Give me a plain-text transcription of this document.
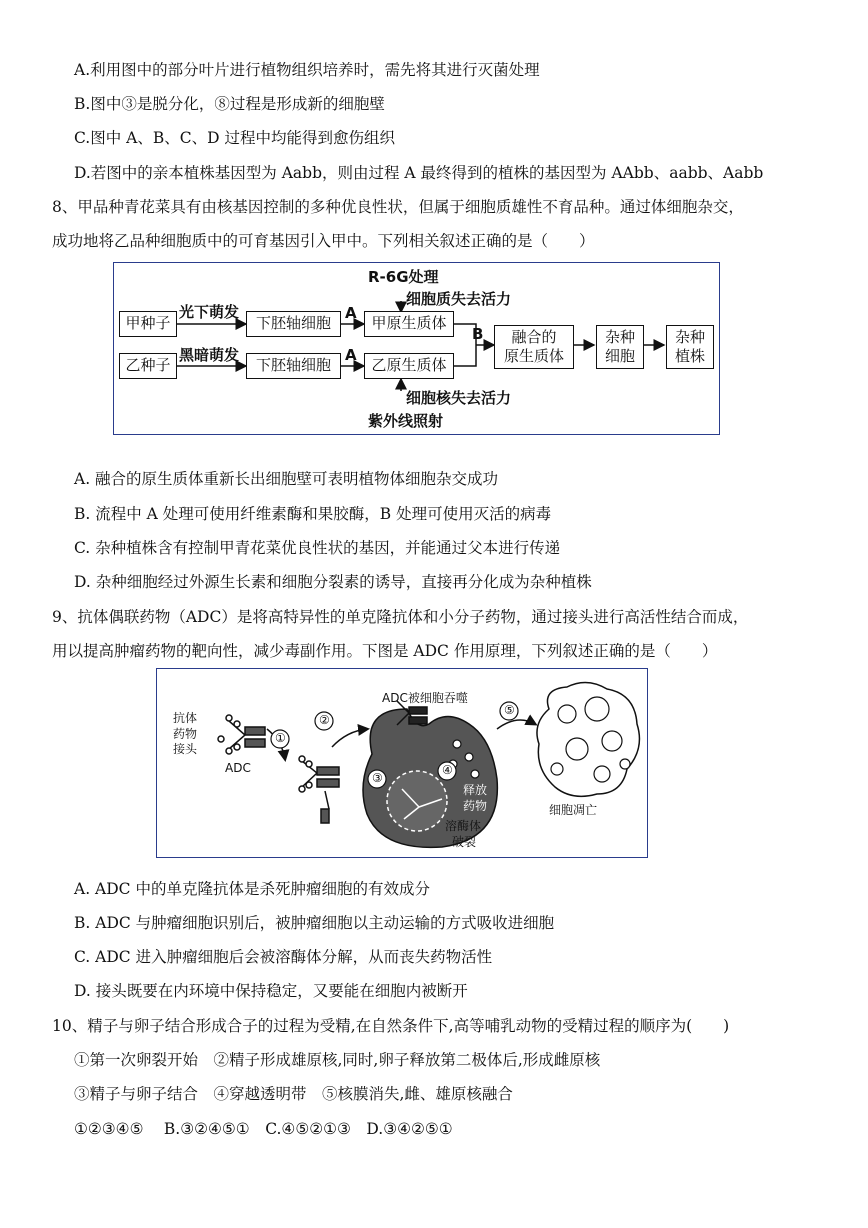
A.利用图中的部分叶片进行植物组织培养时，需先将其进行灭菌处理
B.图中③是脱分化，⑧过程是形成新的细胞壁
C.图中 A、B、C、D 过程中均能得到愈伤组织
D.若图中的亲本植株基因型为 Aabb，则由过程 A 最终得到的植株的基因型为 AAbb、aabb、Aabb
8、甲品种青花菜具有由核基因控制的多种优良性状，但属于细胞质雄性不育品种。通过体细胞杂交，
成功地将乙品种细胞质中的可育基因引入甲中。下列相关叙述正确的是（　　）
R-6G处理
细胞质失去活力
甲种子
乙种子
光下萌发
黑暗萌发
下胚轴细胞
下胚轴细胞
A
A
甲原生质体
乙原生质体
B	融合的
原生质体
杂种
细胞
杂种
植株
细胞核失去活力
紫外线照射
A. 融合的原生质体重新长出细胞壁可表明植物体细胞杂交成功
B. 流程中 A 处理可使用纤维素酶和果胶酶，B 处理可使用灭活的病毒
C. 杂种植株含有控制甲青花菜优良性状的基因，并能通过父本进行传递
D. 杂种细胞经过外源生长素和细胞分裂素的诱导，直接再分化成为杂种植株
9、抗体偶联药物（ADC）是将高特异性的单克隆抗体和小分子药物，通过接头进行高活性结合而成，
用以提高肿瘤药物的靶向性，减少毒副作用。下图是 ADC 作用原理，下列叙述正确的是（　　）
抗体
药物
接头
ADC
ADC被细胞吞噬
①
②
③
④
⑤
释放
药物
溶酶体
破裂
细胞凋亡
A. ADC 中的单克隆抗体是杀死肿瘤细胞的有效成分
B. ADC 与肿瘤细胞识别后，被肿瘤细胞以主动运输的方式吸收进细胞
C. ADC 进入肿瘤细胞后会被溶酶体分解，从而丧失药物活性
D. 接头既要在内环境中保持稳定，又要能在细胞内被断开
10、精子与卵子结合形成合子的过程为受精,在自然条件下,高等哺乳动物的受精过程的顺序为(　　)
①第一次卵裂开始　②精子形成雄原核,同时,卵子释放第二极体后,形成雌原核
③精子与卵子结合　④穿越透明带　⑤核膜消失,雌、雄原核融合
①②③④⑤　 B.③②④⑤①　C.④⑤②①③　D.③④②⑤①
